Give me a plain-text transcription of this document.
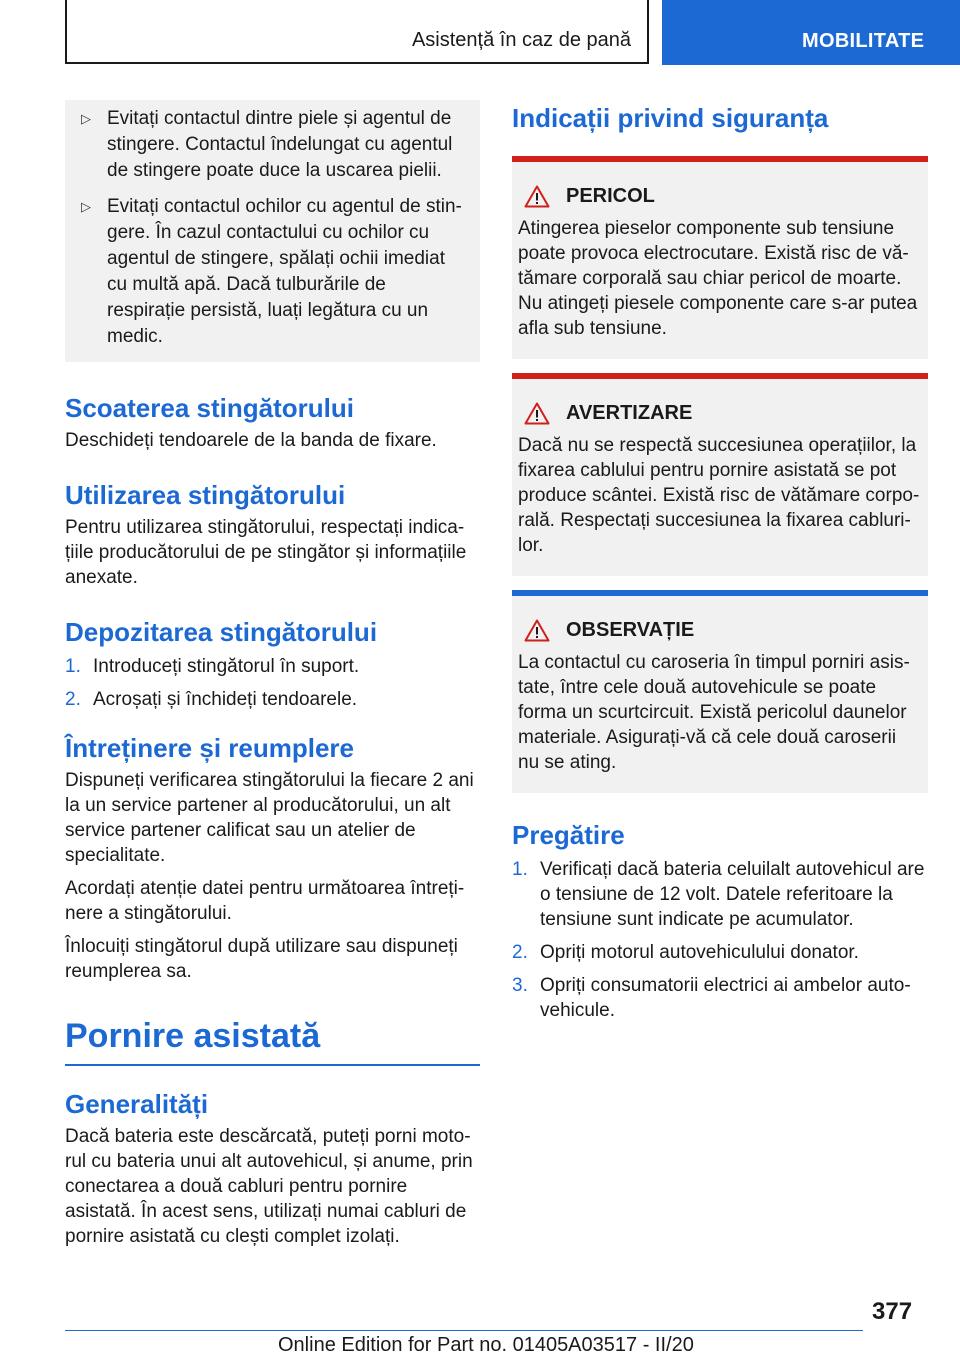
Asistență în caz de pană	MOBILITATE
▷ Evitați contactul dintre piele și agentul de stingere. Contactul îndelungat cu agentul de stingere poate duce la uscarea pielii.
▷ Evitați contactul ochilor cu agentul de stingere. În cazul contactului cu ochilor cu agentul de stingere, spălați ochii imediat cu multă apă. Dacă tulburările de respirație persistă, luați legătura cu un medic.
Scoaterea stingătorului

Deschideți tendoarele de la banda de fixare.

Utilizarea stingătorului

Pentru utilizarea stingătorului, respectați indicațiile producătorului de pe stingător și informațiile anexate.

Depozitarea stingătorului
1. Introduceți stingătorul în suport.
2. Acroșați și închideți tendoarele.
Întreținere și reumplere

Dispuneți verificarea stingătorului la fiecare 2 ani la un service partener al producătorului, un alt service partener calificat sau un atelier de specialitate.

Acordați atenție datei pentru următoarea întreținere a stingătorului.

Înlocuiți stingătorul după utilizare sau dispuneți reumplerea sa.

Pornire asistată
Generalități

Dacă bateria este descărcată, puteți porni motorul cu bateria unui alt autovehicul, și anume, prin conectarea a două cabluri pentru pornire asistată. În acest sens, utilizați numai cabluri de pornire asistată cu clești complet izolați.

Indicații privind siguranța
PERICOL

Atingerea pieselor componente sub tensiune poate provoca electrocutare. Există risc de vătămare corporală sau chiar pericol de moarte. Nu atingeți piesele componente care s-ar putea afla sub tensiune.

AVERTIZARE

Dacă nu se respectă succesiunea operațiilor, la fixarea cablului pentru pornire asistată se pot produce scântei. Există risc de vătămare corporală. Respectați succesiunea la fixarea cablurilor.

OBSERVAȚIE

La contactul cu caroseria în timpul porniri asistate, între cele două autovehicule se poate forma un scurtcircuit. Există pericolul daunelor materiale. Asigurați-vă că cele două caroserii nu se ating.

Pregătire
1. Verificați dacă bateria celuilalt autovehicul are o tensiune de 12 volt. Datele referitoare la tensiune sunt indicate pe acumulator.
2. Opriți motorul autovehiculului donator.
3. Opriți consumatorii electrici ai ambelor autovehicule.
377
Online Edition for Part no. 01405A03517 - II/20
